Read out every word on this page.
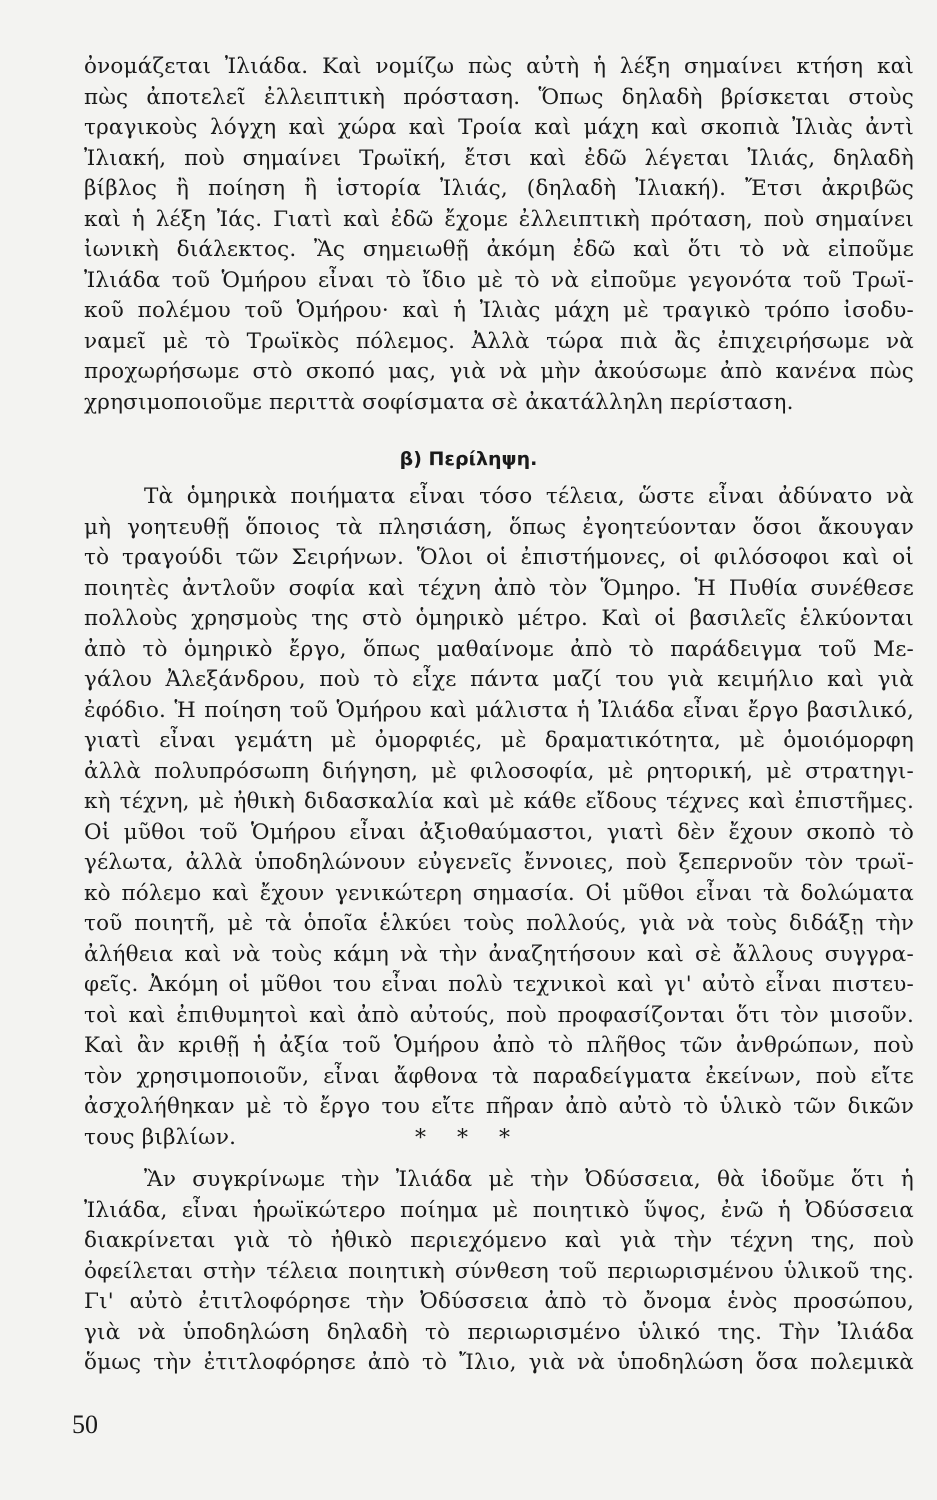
ὀνομάζεται Ἰλιάδα. Καὶ νομίζω πὼς αὐτὴ ἡ λέξη σημαίνει κτήση καὶ
πὼς ἀποτελεῖ ἐλλειπτικὴ πρόσταση. Ὅπως δηλαδὴ βρίσκεται στοὺς
τραγικοὺς λόγχη καὶ χώρα καὶ Τροία καὶ μάχη καὶ σκοπιὰ Ἰλιὰς ἀντὶ
Ἰλιακή, ποὺ σημαίνει Τρωϊκή, ἔτσι καὶ ἐδῶ λέγεται Ἰλιάς, δηλαδὴ
βίβλος ἢ ποίηση ἢ ἱστορία Ἰλιάς, (δηλαδὴ Ἰλιακή). Ἔτσι ἀκριβῶς
καὶ ἡ λέξη Ἰάς. Γιατὶ καὶ ἐδῶ ἔχομε ἐλλειπτικὴ πρόταση, ποὺ σημαίνει
ἰωνικὴ διάλεκτος. Ἂς σημειωθῇ ἀκόμη ἐδῶ καὶ ὅτι τὸ νὰ εἰποῦμε
Ἰλιάδα τοῦ Ὁμήρου εἶναι τὸ ἴδιο μὲ τὸ νὰ εἰποῦμε γεγονότα τοῦ Τρωϊ-
κοῦ πολέμου τοῦ Ὁμήρου· καὶ ἡ Ἰλιὰς μάχη μὲ τραγικὸ τρόπο ἰσοδυ-
ναμεῖ μὲ τὸ Τρωϊκὸς πόλεμος. Ἀλλὰ τώρα πιὰ ἂς ἐπιχειρήσωμε νὰ
προχωρήσωμε στὸ σκοπό μας, γιὰ νὰ μὴν ἀκούσωμε ἀπὸ κανένα πὼς
χρησιμοποιοῦμε περιττὰ σοφίσματα σὲ ἀκατάλληλη περίσταση.
β) Περίληψη.
Τὰ ὁμηρικὰ ποιήματα εἶναι τόσο τέλεια, ὥστε εἶναι ἀδύνατο νὰ
μὴ γοητευθῇ ὅποιος τὰ πλησιάση, ὅπως ἐγοητεύονταν ὅσοι ἄκουγαν
τὸ τραγούδι τῶν Σειρήνων. Ὅλοι οἱ ἐπιστήμονες, οἱ φιλόσοφοι καὶ οἱ
ποιητὲς ἀντλοῦν σοφία καὶ τέχνη ἀπὸ τὸν Ὅμηρο. Ἡ Πυθία συνέθεσε
πολλοὺς χρησμοὺς της στὸ ὁμηρικὸ μέτρο. Καὶ οἱ βασιλεῖς ἑλκύονται
ἀπὸ τὸ ὁμηρικὸ ἔργο, ὅπως μαθαίνομε ἀπὸ τὸ παράδειγμα τοῦ Με-
γάλου Ἀλεξάνδρου, ποὺ τὸ εἶχε πάντα μαζί του γιὰ κειμήλιο καὶ γιὰ
ἐφόδιο. Ἡ ποίηση τοῦ Ὁμήρου καὶ μάλιστα ἡ Ἰλιάδα εἶναι ἔργο βασιλικό,
γιατὶ εἶναι γεμάτη μὲ ὀμορφιές, μὲ δραματικότητα, μὲ ὁμοιόμορφη
ἀλλὰ πολυπρόσωπη διήγηση, μὲ φιλοσοφία, μὲ ρητορική, μὲ στρατηγι-
κὴ τέχνη, μὲ ἠθικὴ διδασκαλία καὶ μὲ κάθε εἴδους τέχνες καὶ ἐπιστῆμες.
Οἱ μῦθοι τοῦ Ὁμήρου εἶναι ἀξιοθαύμαστοι, γιατὶ δὲν ἔχουν σκοπὸ τὸ
γέλωτα, ἀλλὰ ὑποδηλώνουν εὐγενεῖς ἔννοιες, ποὺ ξεπερνοῦν τὸν τρωϊ-
κὸ πόλεμο καὶ ἔχουν γενικώτερη σημασία. Οἱ μῦθοι εἶναι τὰ δολώματα
τοῦ ποιητῆ, μὲ τὰ ὁποῖα ἑλκύει τοὺς πολλούς, γιὰ νὰ τοὺς διδάξῃ τὴν
ἀλήθεια καὶ νὰ τοὺς κάμη νὰ τὴν ἀναζητήσουν καὶ σὲ ἄλλους συγγρα-
φεῖς. Ἀκόμη οἱ μῦθοι του εἶναι πολὺ τεχνικοὶ καὶ γι' αὐτὸ εἶναι πιστευ-
τοὶ καὶ ἐπιθυμητοὶ καὶ ἀπὸ αὐτούς, ποὺ προφασίζονται ὅτι τὸν μισοῦν.
Καὶ ἂν κριθῇ ἡ ἀξία τοῦ Ὁμήρου ἀπὸ τὸ πλῆθος τῶν ἀνθρώπων, ποὺ
τὸν χρησιμοποιοῦν, εἶναι ἄφθονα τὰ παραδείγματα ἐκείνων, ποὺ εἴτε
ἀσχολήθηκαν μὲ τὸ ἔργο του εἴτε πῆραν ἀπὸ αὐτὸ τὸ ὑλικὸ τῶν δικῶν
τους βιβλίων.	* * *
Ἂν συγκρίνωμε τὴν Ἰλιάδα μὲ τὴν Ὀδύσσεια, θὰ ἰδοῦμε ὅτι ἡ
Ἰλιάδα, εἶναι ἡρωϊκώτερο ποίημα μὲ ποιητικὸ ὕψος, ἐνῶ ἡ Ὀδύσσεια
διακρίνεται γιὰ τὸ ἠθικὸ περιεχόμενο καὶ γιὰ τὴν τέχνη της, ποὺ
ὀφείλεται στὴν τέλεια ποιητικὴ σύνθεση τοῦ περιωρισμένου ὑλικοῦ της.
Γι' αὐτὸ ἐτιτλοφόρησε τὴν Ὀδύσσεια ἀπὸ τὸ ὄνομα ἑνὸς προσώπου,
γιὰ νὰ ὑποδηλώση δηλαδὴ τὸ περιωρισμένο ὑλικό της. Τὴν Ἰλιάδα
ὅμως τὴν ἐτιτλοφόρησε ἀπὸ τὸ Ἴλιο, γιὰ νὰ ὑποδηλώση ὅσα πολεμικὰ
50
